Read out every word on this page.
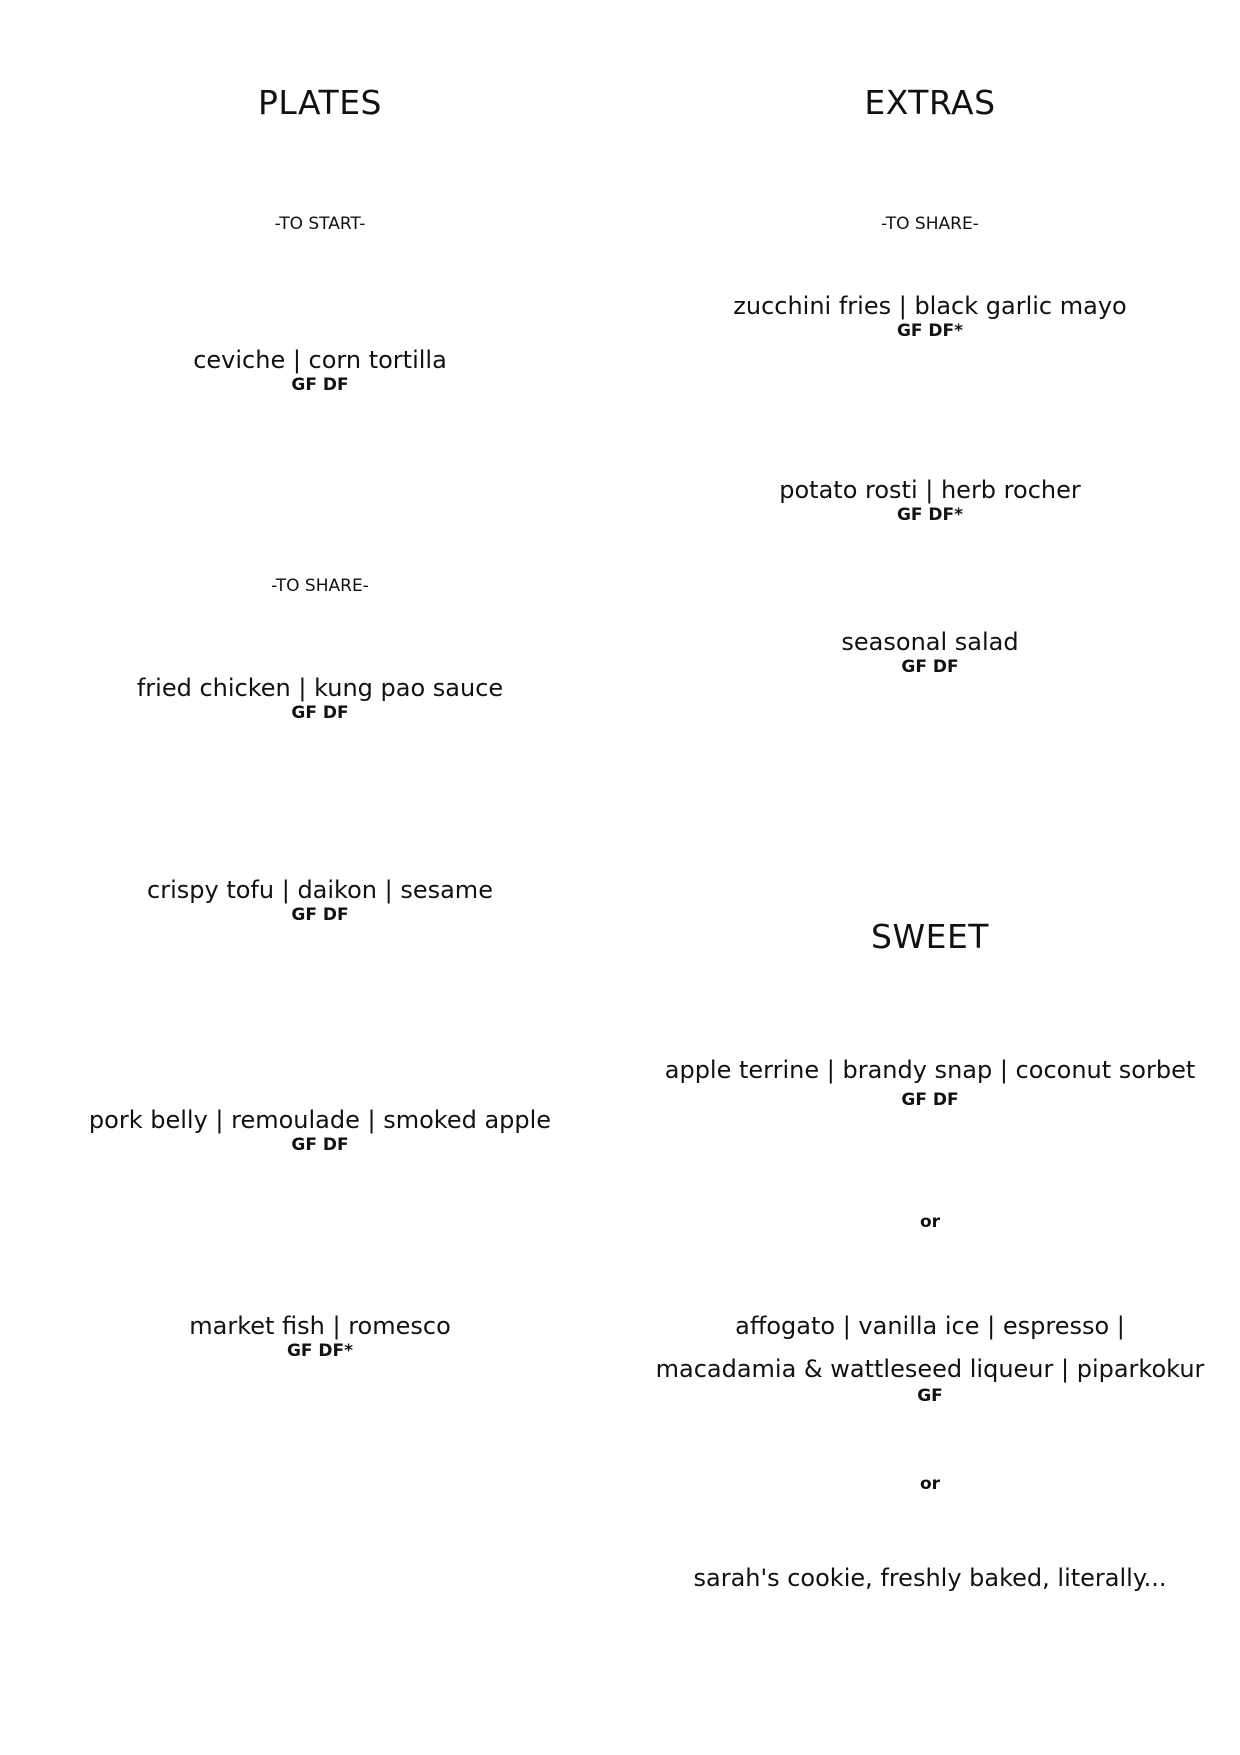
PLATES
-TO START-
ceviche | corn tortilla
GF DF
-TO SHARE-
fried chicken | kung pao sauce
GF DF
crispy tofu | daikon | sesame
GF DF
pork belly | remoulade | smoked apple
GF DF
market fish | romesco
GF DF*
EXTRAS
-TO SHARE-
zucchini fries | black garlic mayo
GF DF*
potato rosti | herb rocher
GF DF*
seasonal salad
GF DF
SWEET
apple terrine | brandy snap | coconut sorbet
GF DF
or
affogato | vanilla ice | espresso |
macadamia & wattleseed liqueur | piparkokur
GF
or
sarah's cookie, freshly baked, literally...
